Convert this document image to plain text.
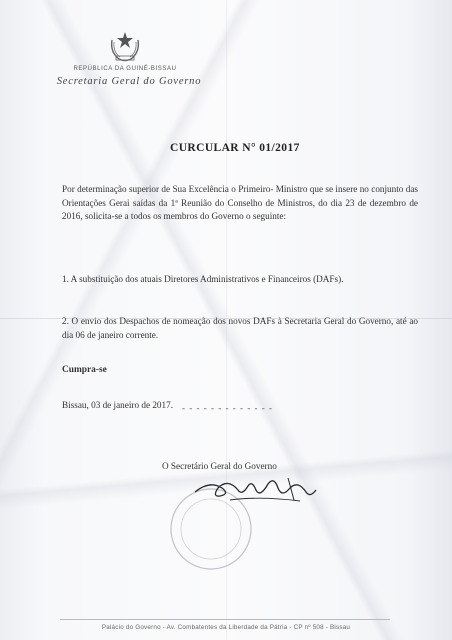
REPÚBLICA DA GUINÉ-BISSAU
Secretaria Geral do Governo
CURCULAR N° 01/2017
Por determinação superior de Sua Excelência o Primeiro- Ministro que se insere no conjunto das Orientações Gerai saídas da 1ª Reunião do Conselho de Ministros, do dia 23 de dezembro de 2016, solicita-se a todos os membros do Governo o seguinte:
1. A substituição dos atuais Diretores Administrativos e Financeiros (DAFs).
2. O envio dos Despachos de nomeação dos novos DAFs à Secretaria Geral do Governo, até ao dia 06 de janeiro corrente.
Cumpra-se
Bissau, 03 de janeiro de 2017. - - - - - - - - - - - - -
O Secretário Geral do Governo
Palácio do Governo - Av. Combatentes da Liberdade da Pátria - CP nº 508 - Bissau
